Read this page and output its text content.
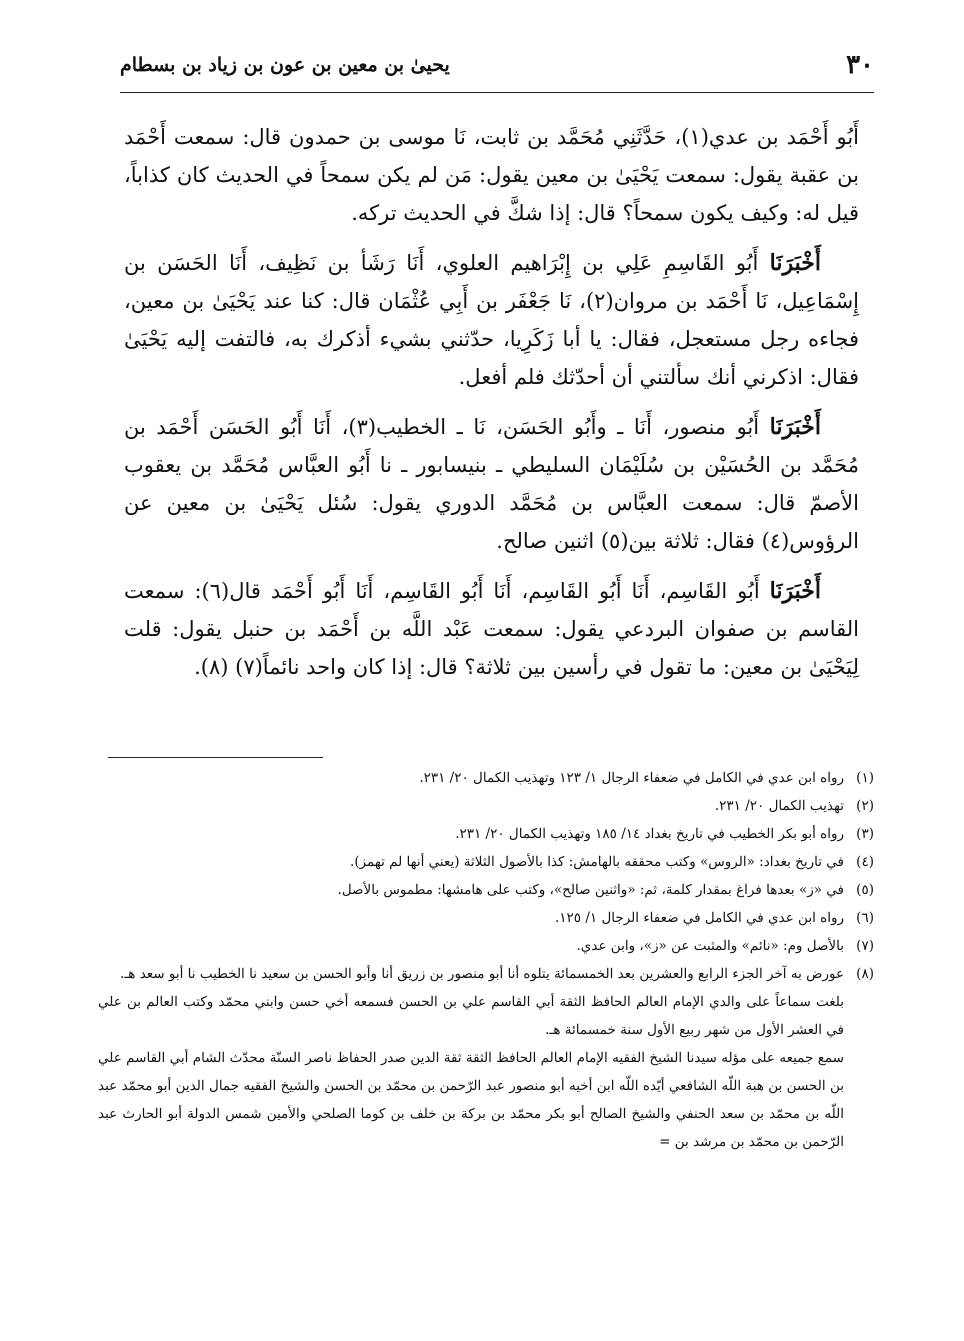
٣٠
يحيىٰ بن معين بن عون بن زياد بن بسطام

أَبُو أَحْمَد بن عدي(١)، حَدَّثَنِي مُحَمَّد بن ثابت، نَا موسى بن حمدون قال: سمعت أَحْمَد بن عقبة يقول: سمعت يَحْيَىٰ بن معين يقول: مَن لم يكن سمحاً في الحديث كان كذاباً، قيل له: وكيف يكون سمحاً؟ قال: إذا شكَّ في الحديث تركه.

أَخْبَرَنَا أَبُو القَاسِمِ عَلِي بن إِبْرَاهيم العلوي، أَنَا رَشَأ بن نَظِيف، أَنَا الحَسَن بن إِسْمَاعِيل، نَا أَحْمَد بن مروان(٢)، نَا جَعْفَر بن أَبِي عُثْمَان قال: كنا عند يَحْيَىٰ بن معين، فجاءه رجل مستعجل، فقال: يا أبا زَكَرِيا، حدّثني بشيء أذكرك به، فالتفت إليه يَحْيَىٰ فقال: اذكرني أنك سألتني أن أحدّثك فلم أفعل.

أَخْبَرَنَا أَبُو منصور، أَنَا ـ وأَبُو الحَسَن، نَا ـ الخطيب(٣)، أَنَا أَبُو الحَسَن أَحْمَد بن مُحَمَّد بن الحُسَيْن بن سُلَيْمَان السليطي ـ بنيسابور ـ نا أَبُو العبَّاس مُحَمَّد بن يعقوب الأصمّ قال: سمعت العبَّاس بن مُحَمَّد الدوري يقول: سُئل يَحْيَىٰ بن معين عن الرؤوس(٤) فقال: ثلاثة بين(٥) اثنين صالح.

أَخْبَرَنَا أَبُو القَاسِم، أَنَا أَبُو القَاسِم، أَنَا أَبُو القَاسِم، أَنَا أَبُو أَحْمَد قال(٦): سمعت القاسم بن صفوان البردعي يقول: سمعت عَبْد اللَّه بن أَحْمَد بن حنبل يقول: قلت لِيَحْيَىٰ بن معين: ما تقول في رأسين بين ثلاثة؟ قال: إذا كان واحد نائماً(٧) (٨).

(١)
رواه ابن عدي في الكامل في ضعفاء الرجال ١/ ١٢٣ وتهذيب الكمال ٢٠/ ٢٣١.
(٢)
تهذيب الكمال ٢٠/ ٢٣١.
(٣)
رواه أبو بكر الخطيب في تاريخ بغداد ١٤/ ١٨٥ وتهذيب الكمال ٢٠/ ٢٣١.
(٤)
في تاريخ بغداد: «الروس» وكتب محققه بالهامش: كذا بالأصول الثلاثة (يعني أنها لم تهمز).
(٥)
في «ز» بعدها فراغ بمقدار كلمة، ثم: «واثنين صالح»، وكتب على هامشها: مطموس بالأصل.
(٦)
رواه ابن عدي في الكامل في ضعفاء الرجال ١/ ١٢٥.
(٧)
بالأصل وم: «نائم» والمثبت عن «ز»، وابن عدي.
(٨)
عورض به آخر الجزء الرابع والعشرين بعد الخمسمائة يتلوه أنا أبو منصور بن زريق أنا وأبو الحسن بن سعيد نا الخطيب نا أبو سعد هـ.

بلغت سماعاً على والدي الإمام العالم الحافظ الثقة أبي القاسم علي بن الحسن فسمعه أخي حسن وابني محمّد وكتب العالم بن علي في العشر الأول من شهر ربيع الأول سنة خمسمائة هـ.

سمع جميعه على مؤله سيدنا الشيخ الفقيه الإمام العالم الحافظ الثقة ثقة الدين صدر الحفاظ ناصر السنّة محدّث الشام أبي القاسم علي بن الحسن بن هبة اللّه الشافعي أيّده اللّه ابن أخيه أبو منصور عبد الرّحمن بن محمّد بن الحسن والشيخ الفقيه جمال الدين أبو محمّد عبد اللّه بن محمّد بن سعد الحنفي والشيخ الصالح أبو بكر محمّد بن بركة بن خلف بن كوما الصلحي والأمين شمس الدولة أبو الحارث عبد الرّحمن بن محمّد بن مرشد بن =
